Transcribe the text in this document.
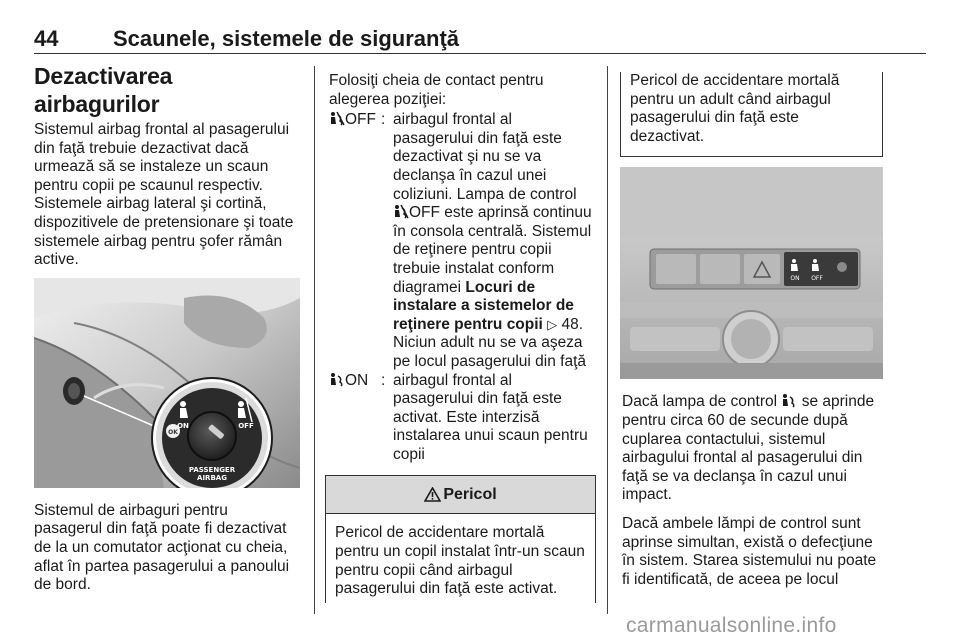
44 Scaunele, sistemele de siguranţă
Dezactivarea airbagurilor

Sistemul airbag frontal al pasagerului din faţă trebuie dezactivat dacă urmează să se instaleze un scaun pentru copii pe scaunul respectiv. Sistemele airbag lateral şi cortină, dispozitivele de pretensionare şi toate sistemele airbag pentru şofer rămân active.

OK
ON	OFF
PASSENGER
AIRBAG

Sistemul de airbaguri pentru pasagerul din faţă poate fi dezactivat de la un comutator acţionat cu cheia, aflat în partea pasagerului a panoului de bord.

Folosiţi cheia de contact pentru alegerea poziţiei:

OFF : airbagul frontal al pasagerului din faţă este dezactivat şi nu se va declanşa în cazul unei coliziuni. Lampa de control OFF este aprinsă continuu în consola centrală. Sistemul de reţinere pentru copii trebuie instalat conform diagramei Locuri de instalare a sistemelor de reţinere pentru copii ▷ 48. Niciun adult nu se va aşeza pe locul pasagerului din faţă
ON : airbagul frontal al pasagerului din faţă este activat. Este interzisă instalarea unui scaun pentru copii
Pericol
Pericol de accidentare mortală pentru un copil instalat într-un scaun pentru copii când airbagul pasagerului din faţă este activat.
Pericol de accidentare mortală pentru un adult când airbagul pasagerului din faţă este dezactivat.
ON OFF

Dacă lampa de control  se aprinde pentru circa 60 de secunde după cuplarea contactului, sistemul airbagului frontal al pasagerului din faţă se va declanşa în cazul unui impact.

Dacă ambele lămpi de control sunt aprinse simultan, există o defecţiune în sistem. Starea sistemului nu poate fi identificată, de aceea pe locul

carmanualsonline.info
